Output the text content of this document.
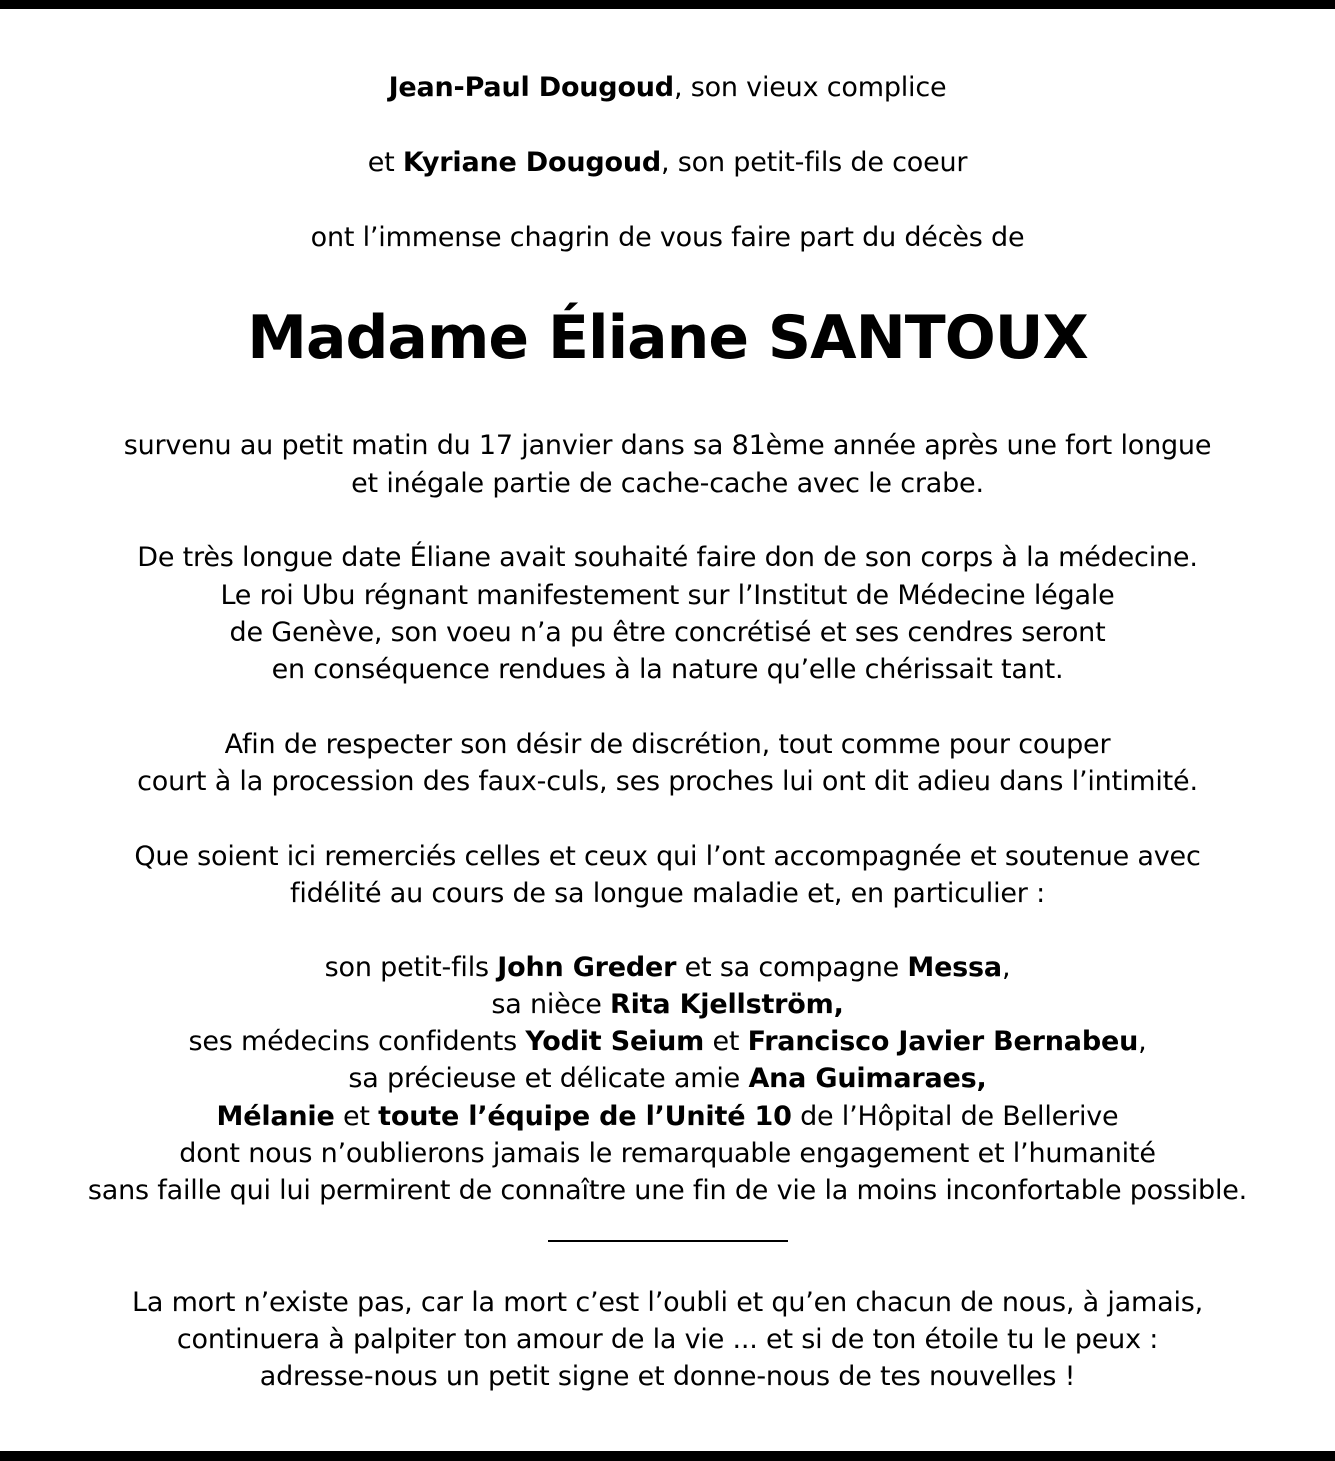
Jean-Paul Dougoud, son vieux complice
et Kyriane Dougoud, son petit-fils de coeur
ont l’immense chagrin de vous faire part du décès de
Madame Éliane SANTOUX
survenu au petit matin du 17 janvier dans sa 81ème année après une fort longue
et inégale partie de cache-cache avec le crabe.
De très longue date Éliane avait souhaité faire don de son corps à la médecine.
Le roi Ubu régnant manifestement sur l’Institut de Médecine légale
de Genève, son voeu n’a pu être concrétisé et ses cendres seront
en conséquence rendues à la nature qu’elle chérissait tant.
Afin de respecter son désir de discrétion, tout comme pour couper
court à la procession des faux-culs, ses proches lui ont dit adieu dans l’intimité.
Que soient ici remerciés celles et ceux qui l’ont accompagnée et soutenue avec
fidélité au cours de sa longue maladie et, en particulier :
son petit-fils John Greder et sa compagne Messa,
sa nièce Rita Kjellström,
ses médecins confidents Yodit Seium et Francisco Javier Bernabeu,
sa précieuse et délicate amie Ana Guimaraes,
Mélanie et toute l’équipe de l’Unité 10 de l’Hôpital de Bellerive
dont nous n’oublierons jamais le remarquable engagement et l’humanité
sans faille qui lui permirent de connaître une fin de vie la moins inconfortable possible.
La mort n’existe pas, car la mort c’est l’oubli et qu’en chacun de nous, à jamais,
continuera à palpiter ton amour de la vie ... et si de ton étoile tu le peux :
adresse-nous un petit signe et donne-nous de tes nouvelles !
